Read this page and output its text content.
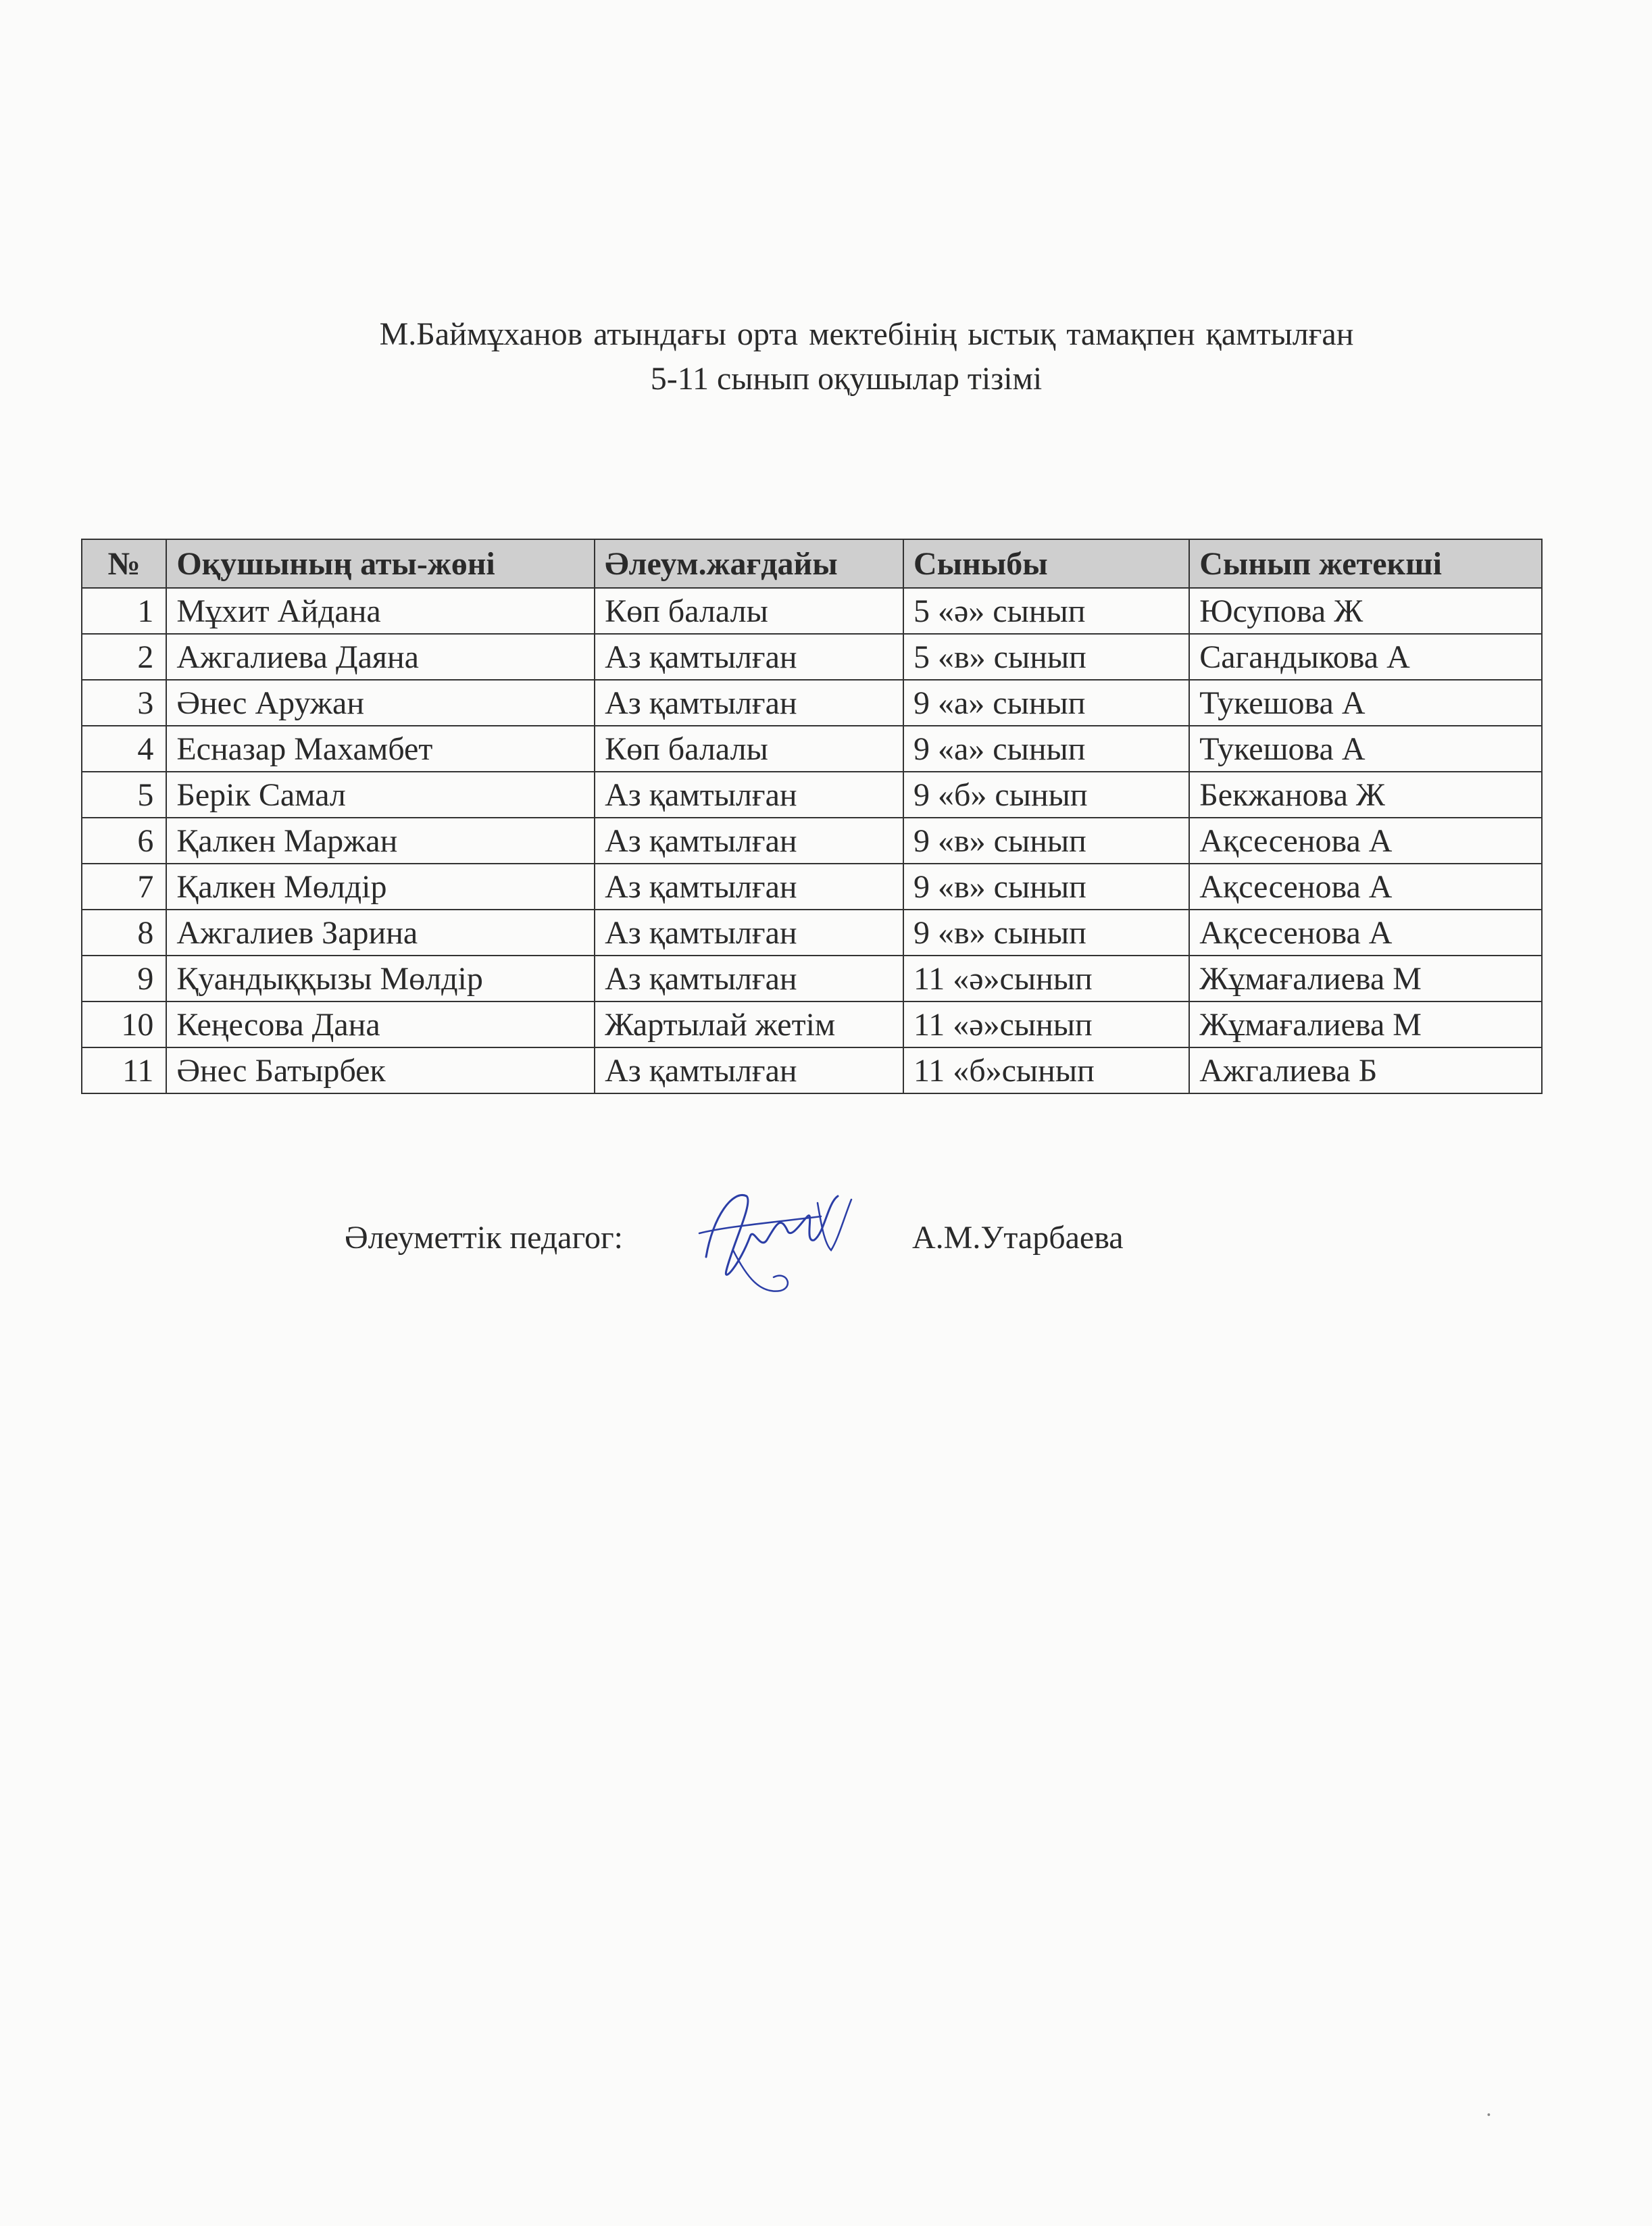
М.Баймұханов атындағы орта мектебінің ыстық тамақпен қамтылған
5-11 сынып оқушылар тізімі
№	Оқушының аты-жөні	Әлеум.жағдайы	Сыныбы	Сынып жетекші
1	Мұхит Айдана	Көп балалы	5 «ә» сынып	Юсупова Ж
2	Ажгалиева Даяна	Аз қамтылған	5 «в» сынып	Сагандыкова А
3	Әнес Аружан	Аз қамтылған	9 «а» сынып	Тукешова А
4	Есназар Махамбет	Көп балалы	9 «а» сынып	Тукешова А
5	Берік Самал	Аз қамтылған	9 «б» сынып	Бекжанова Ж
6	Қалкен Маржан	Аз қамтылған	9 «в» сынып	Ақсесенова А
7	Қалкен Мөлдір	Аз қамтылған	9 «в» сынып	Ақсесенова А
8	Ажгалиев Зарина	Аз қамтылған	9 «в» сынып	Ақсесенова А
9	Қуандыққызы Мөлдір	Аз қамтылған	11 «ә»сынып	Жұмағалиева М
10	Кеңесова Дана	Жартылай жетім	11 «ә»сынып	Жұмағалиева М
11	Әнес Батырбек	Аз қамтылған	11 «б»сынып	Ажгалиева Б
Әлеуметтік педагог:	А.М.Утарбаева
ꞏ
